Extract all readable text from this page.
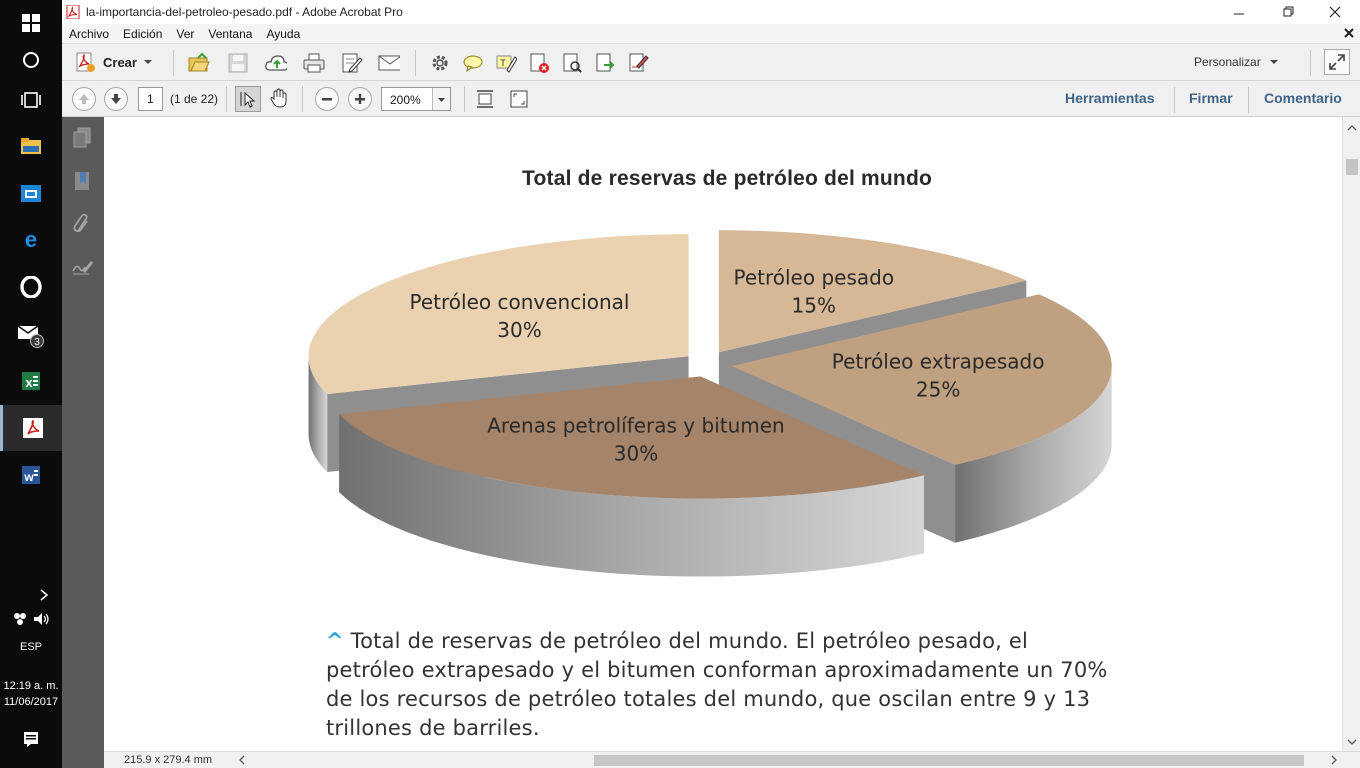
e
3
x
w

ESP
12:19 a. m.
11/06/2017
la-importancia-del-petroleo-pesado.pdf - Adobe Acrobat Pro
Archivo	Edición	Ver	Ventana	Ayuda
Crear	T	Personalizar
1	(1 de 22)	200%	Herramientas Firmar Comentario
Total de reservas de petróleo del mundo
Petróleo convencional
30%
Petróleo pesado
15%
Petróleo extrapesado
25%
Arenas petrolíferas y bitumen
30%
^ Total de reservas de petróleo del mundo. El petróleo pesado, el petróleo extrapesado y el bitumen conforman aproximadamente un 70% de los recursos de petróleo totales del mundo, que oscilan entre 9 y 13 trillones de barriles.
215.9 x 279.4 mm
